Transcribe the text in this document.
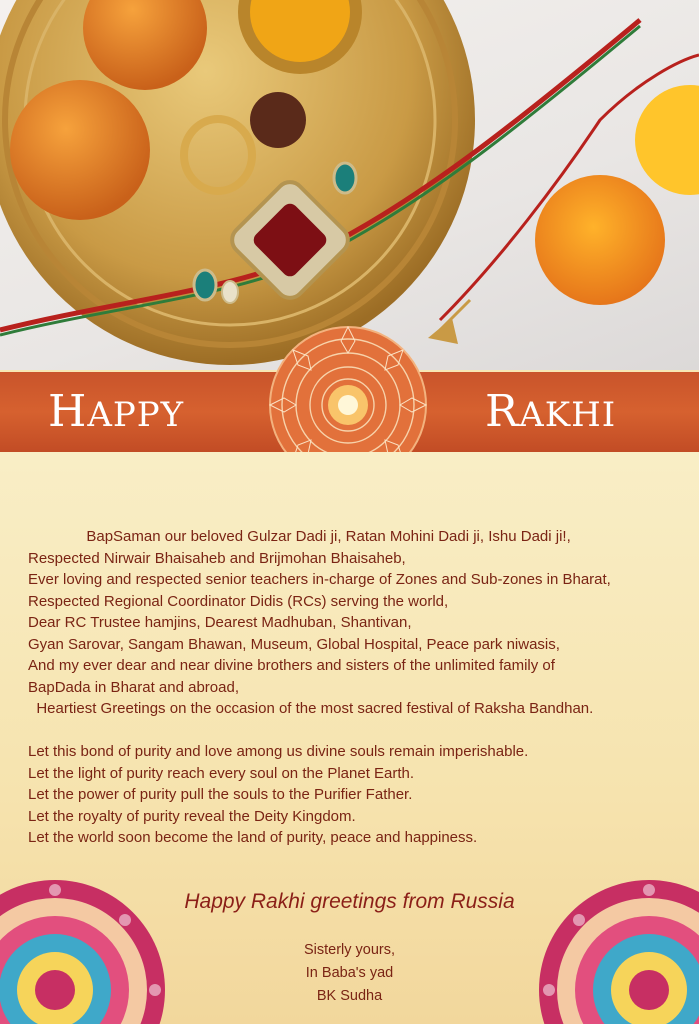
HAPPY	RAKHI
BapSaman our beloved Gulzar Dadi ji, Ratan Mohini Dadi ji, Ishu Dadi ji!,
Respected Nirwair Bhaisaheb and Brijmohan Bhaisaheb,
Ever loving and respected senior teachers in-charge of Zones and Sub-zones in Bharat,
Respected Regional Coordinator Didis (RCs) serving the world,
Dear RC Trustee hamjins, Dearest Madhuban, Shantivan,
Gyan Sarovar, Sangam Bhawan, Museum, Global Hospital, Peace park niwasis,
And my ever dear and near divine brothers and sisters of the unlimited family of
BapDada in Bharat and abroad,
Heartiest Greetings on the occasion of the most sacred festival of Raksha Bandhan.
Let this bond of purity and love among us divine souls remain imperishable.
Let the light of purity reach every soul on the Planet Earth.
Let the power of purity pull the souls to the Purifier Father.
Let the royalty of purity reveal the Deity Kingdom.
Let the world soon become the land of purity, peace and happiness.
Happy Rakhi greetings from Russia
Sisterly yours,
In Baba's yad
BK Sudha
